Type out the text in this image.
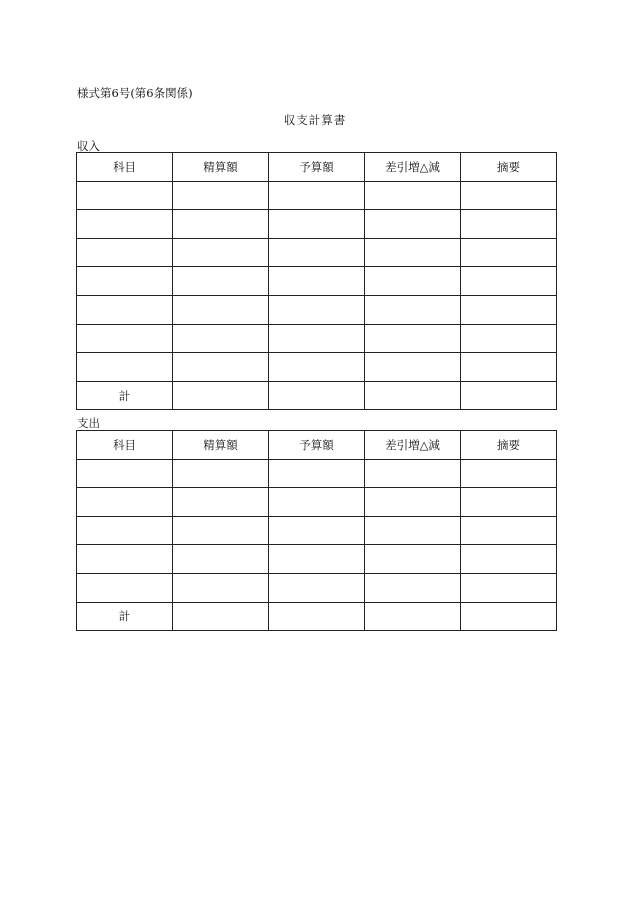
様式第6号(第6条関係)

収支計算書

収入

科目	精算額	予算額	差引増△減	摘要

計				

支出

科目	精算額	予算額	差引増△減	摘要

計				
